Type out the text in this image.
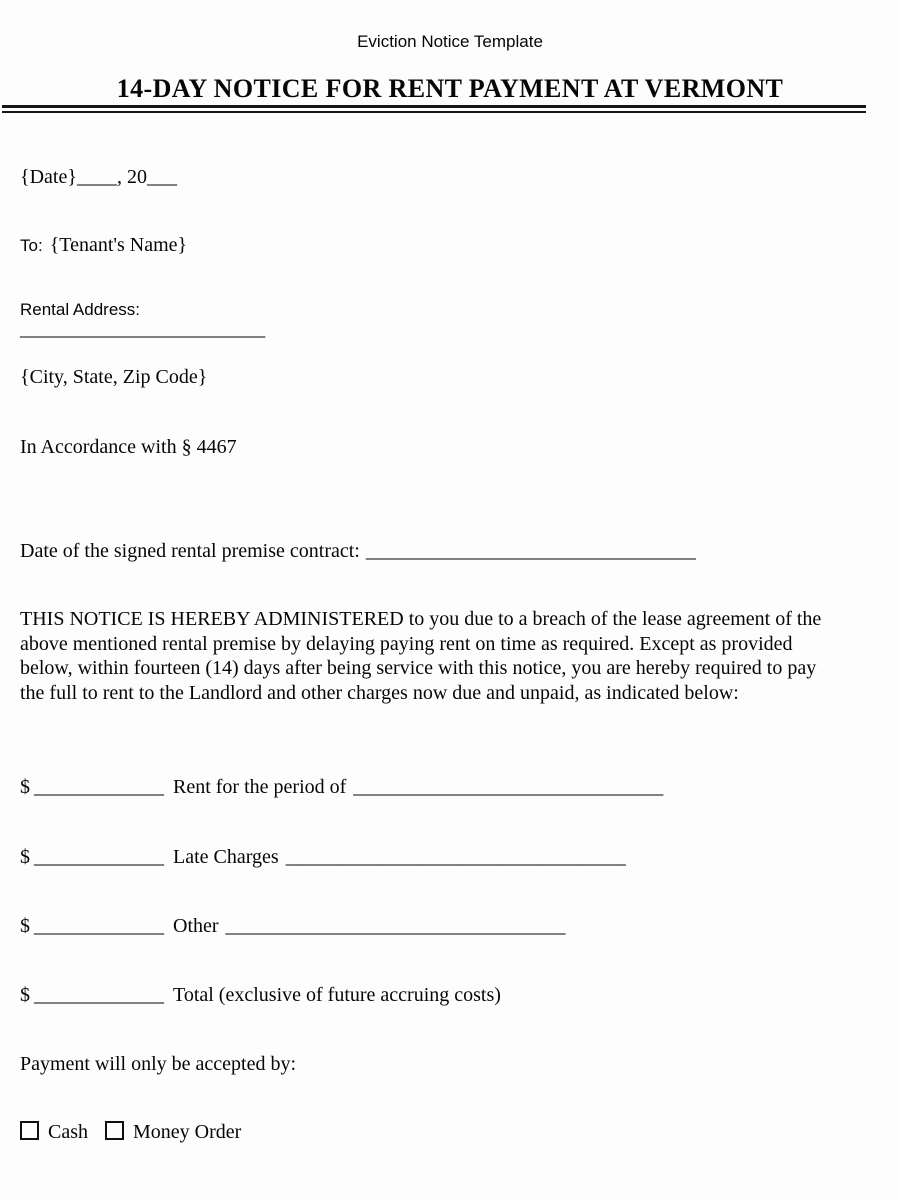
Eviction Notice Template
14-DAY NOTICE FOR RENT PAYMENT AT VERMONT
{Date}____, 20___
To: {Tenant's Name}
Rental Address:
_________________________
{City, State, Zip Code}
In Accordance with § 4467
Date of the signed rental premise contract: _________________________________
THIS NOTICE IS HEREBY ADMINISTERED to you due to a breach of the lease agreement of the above mentioned rental premise by delaying paying rent on time as required. Except as provided below, within fourteen (14) days after being service with this notice, you are hereby required to pay the full to rent to the Landlord and other charges now due and unpaid, as indicated below:
$ _____________ Rent for the period of _______________________________
$ _____________ Late Charges __________________________________
$ _____________ Other __________________________________
$ _____________ Total (exclusive of future accruing costs)
Payment will only be accepted by:
Cash Money Order
